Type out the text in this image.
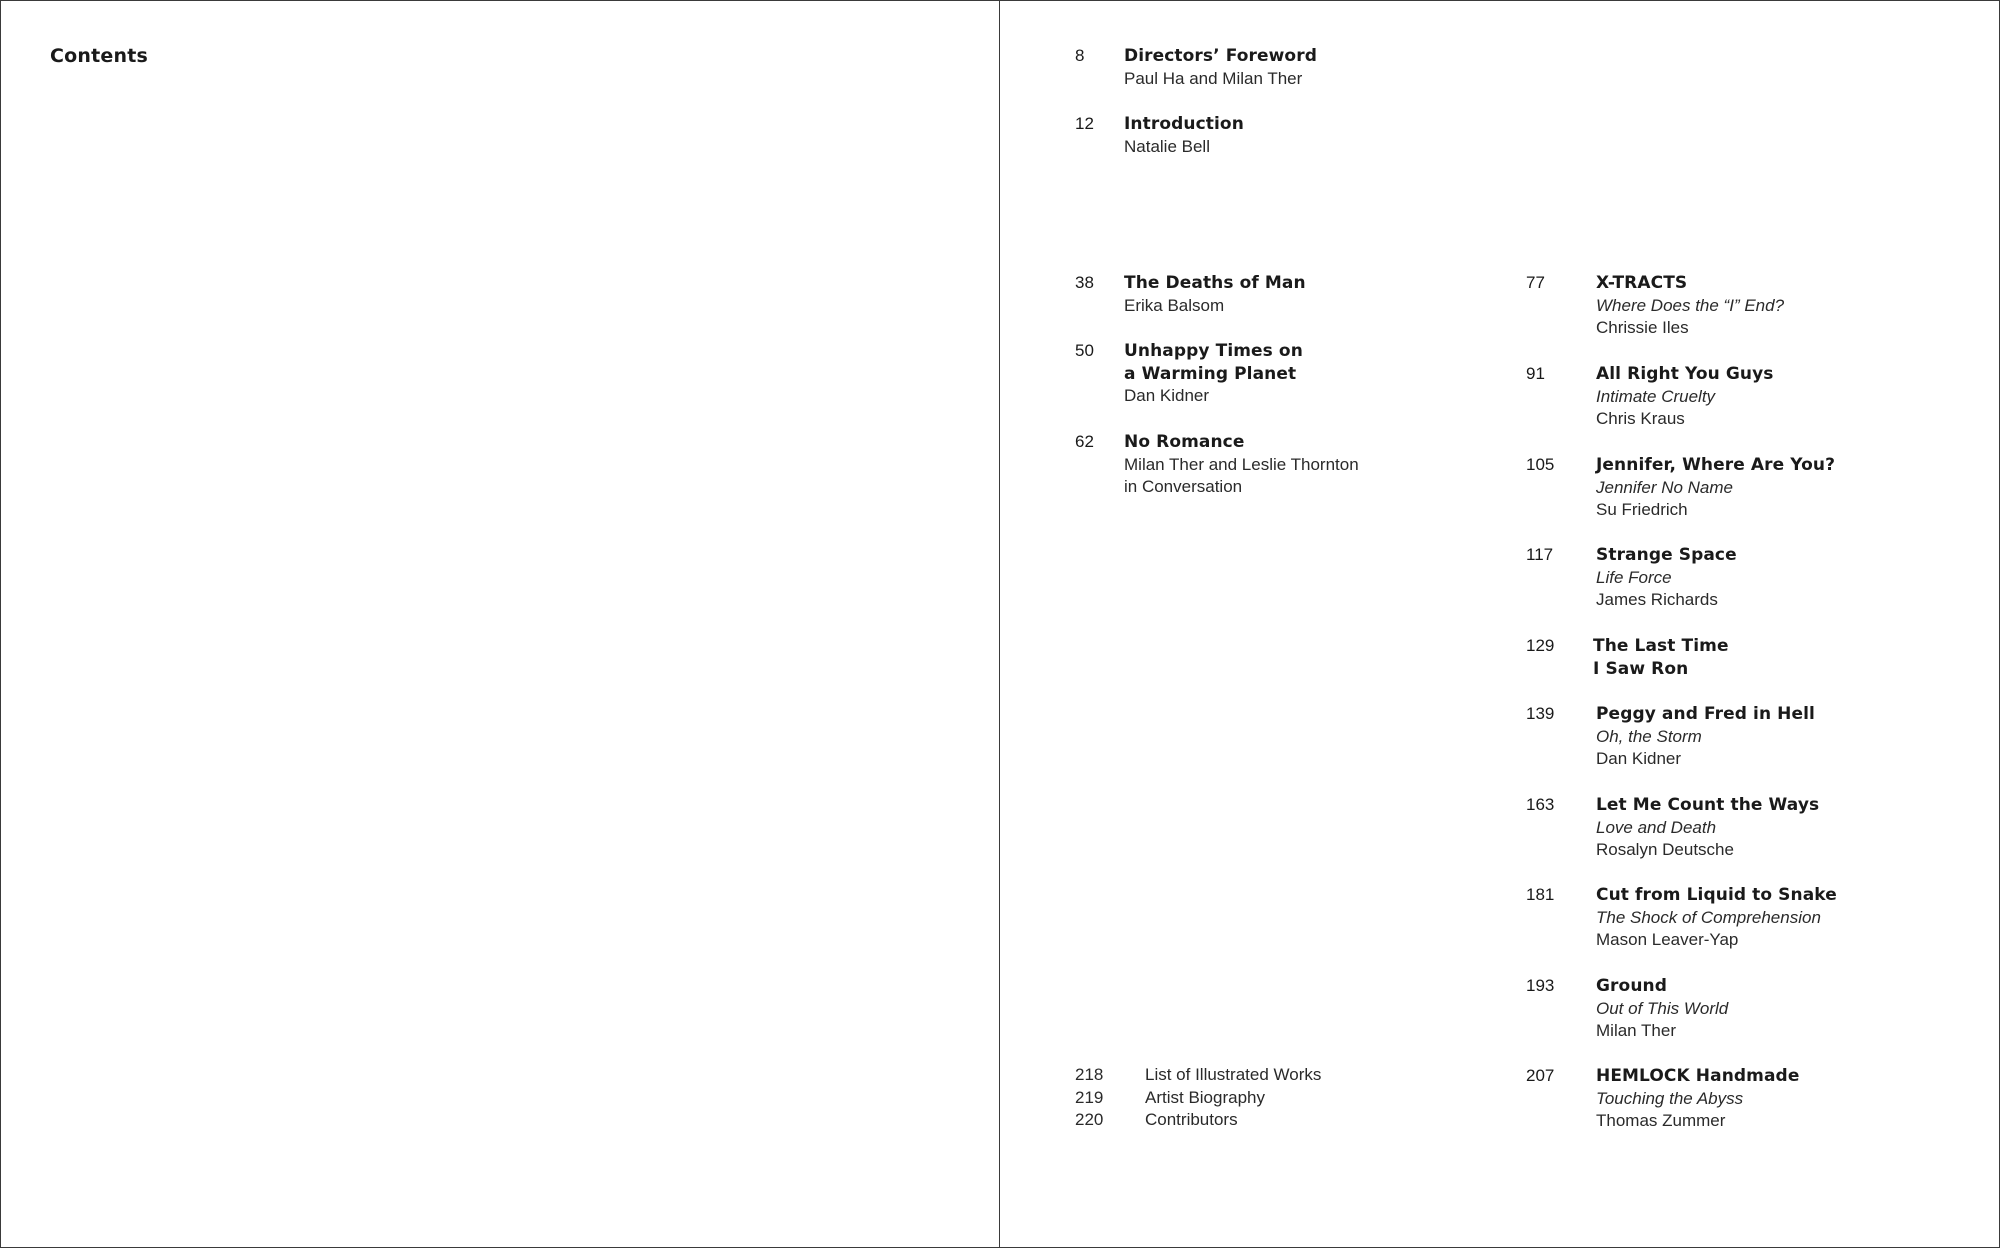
Contents	8 Directors’ Foreword
Paul Ha and Milan Ther
12 Introduction
Natalie Bell
38 The Deaths of Man
Erika Balsom
50 Unhappy Times on
a Warming Planet
Dan Kidner
62 No Romance
Milan Ther and Leslie Thornton
in Conversation
77	X-TRACTS
Where Does the “I” End?
Chrissie Iles
91	All Right You Guys
Intimate Cruelty
Chris Kraus
105 Jennifer, Where Are You?
Jennifer No Name
Su Friedrich
117	Strange Space
Life Force
James Richards
129 The Last Time
I Saw Ron
139 Peggy and Fred in Hell
Oh, the Storm
Dan Kidner
163 Let Me Count the Ways
Love and Death
Rosalyn Deutsche
181 Cut from Liquid to Snake
The Shock of Comprehension
Mason Leaver-Yap
193 Ground
Out of This World
Milan Ther
207 HEMLOCK Handmade
Touching the Abyss
Thomas Zummer
218 List of Illustrated Works
219 Artist Biography
220 Contributors
